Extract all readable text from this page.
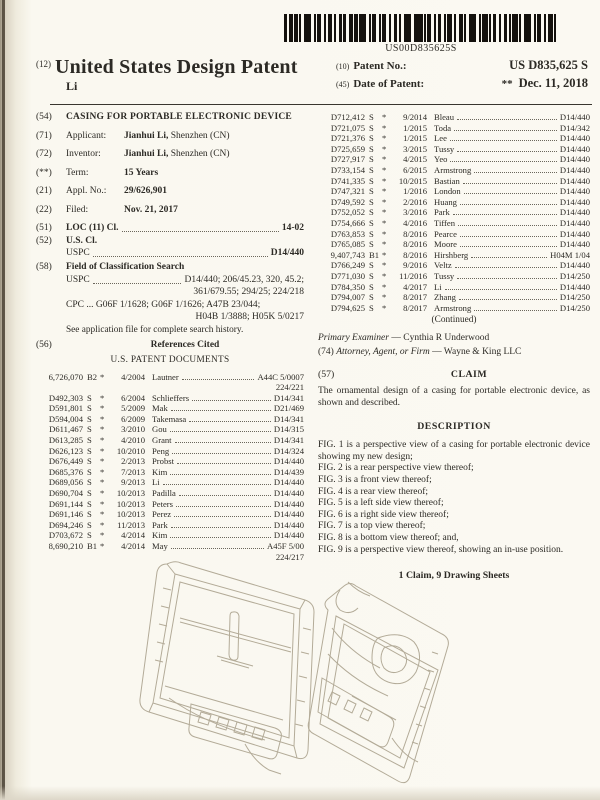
US00D835625S
$^{(12)}$ United States Design Patent
Li
(10) Patent No.:	US D835,625 S
(45) Date of Patent:	** Dec. 11, 2018
(54)	CASING FOR PORTABLE ELECTRONIC DEVICE
(71)	Applicant:	Jianhui Li, Shenzhen (CN)
(72)	Inventor:	Jianhui Li, Shenzhen (CN)
(**)	Term:	15 Years
(21)	Appl. No.:	29/626,901
(22)	Filed:	Nov. 21, 2017
(51)	LOC (11) Cl.	14-02
(52)	U.S. Cl.
USPC	D14/440
(58)	Field of Classification Search
USPC	D14/440; 206/45.23, 320, 45.2;
361/679.55; 294/25; 224/218
CPC ...
G06F 1/1628; G06F 1/1626; A47B 23/044;
H04B 1/3888; H05K 5/0217
See application file for complete search history.
(56)	References Cited
U.S. PATENT DOCUMENTS
6,726,070 B2 *	4/2004 Lautner	A44C 5/0007
224/221
D492,303 S *	6/2004 Schlieffers	D14/341
D591,801 S *	5/2009 Mak	D21/469
D594,004 S *	6/2009 Takemasa	D14/341
D611,467 S *	3/2010 Gou	D14/315
D613,285 S *	4/2010 Grant	D14/341
D626,123 S *	10/2010 Peng	D14/324
D676,449 S *	2/2013 Probst	D14/440
D685,376 S *	7/2013 Kim	D14/439
D689,056 S *	9/2013 Li	D14/440
D690,704 S *	10/2013 Padilla	D14/440
D691,144 S *	10/2013 Peters	D14/440
D691,146 S *	10/2013 Perez	D14/440
D694,246 S *	11/2013 Park	D14/440
D703,672 S *	4/2014 Kim	D14/440
8,690,210 B1 *	4/2014 May	A45F 5/00
224/217
D712,412 S *	9/2014 Bleau	D14/440
D721,075 S *	1/2015 Toda	D14/342
D721,376 S *	1/2015 Lee	D14/440
D725,659 S *	3/2015 Tussy	D14/440
D727,917 S *	4/2015 Yeo	D14/440
D733,154 S *	6/2015 Armstrong	D14/440
D741,335 S *	10/2015 Bastian	D14/440
D747,321 S *	1/2016 London	D14/440
D749,592 S *	2/2016 Huang	D14/440
D752,052 S *	3/2016 Park	D14/440
D754,666 S *	4/2016 Tiffen	D14/440
D763,853 S *	8/2016 Pearce	D14/440
D765,085 S *	8/2016 Moore	D14/440
9,407,743 B1 *	8/2016 Hirshberg	H04M 1/04
D766,249 S *	9/2016 Veltz	D14/440
D771,030 S *	11/2016 Tussy	D14/250
D784,350 S *	4/2017 Li	D14/440
D794,007 S *	8/2017 Zhang	D14/250
D794,625 S *	8/2017 Armstrong	D14/250
(Continued)
Primary Examiner — Cynthia R Underwood
(74) Attorney, Agent, or Firm — Wayne & King LLC
(57)	CLAIM
The ornamental design of a casing for portable electronic device, as shown and described.
DESCRIPTION
FIG. 1 is a perspective view of a casing for portable electronic device showing my new design;
FIG. 2 is a rear perspective view thereof;
FIG. 3 is a front view thereof;
FIG. 4 is a rear view thereof;
FIG. 5 is a left side view thereof;
FIG. 6 is a right side view thereof;
FIG. 7 is a top view thereof;
FIG. 8 is a bottom view thereof; and,
FIG. 9 is a perspective view thereof, showing an in-use position.
1 Claim, 9 Drawing Sheets
